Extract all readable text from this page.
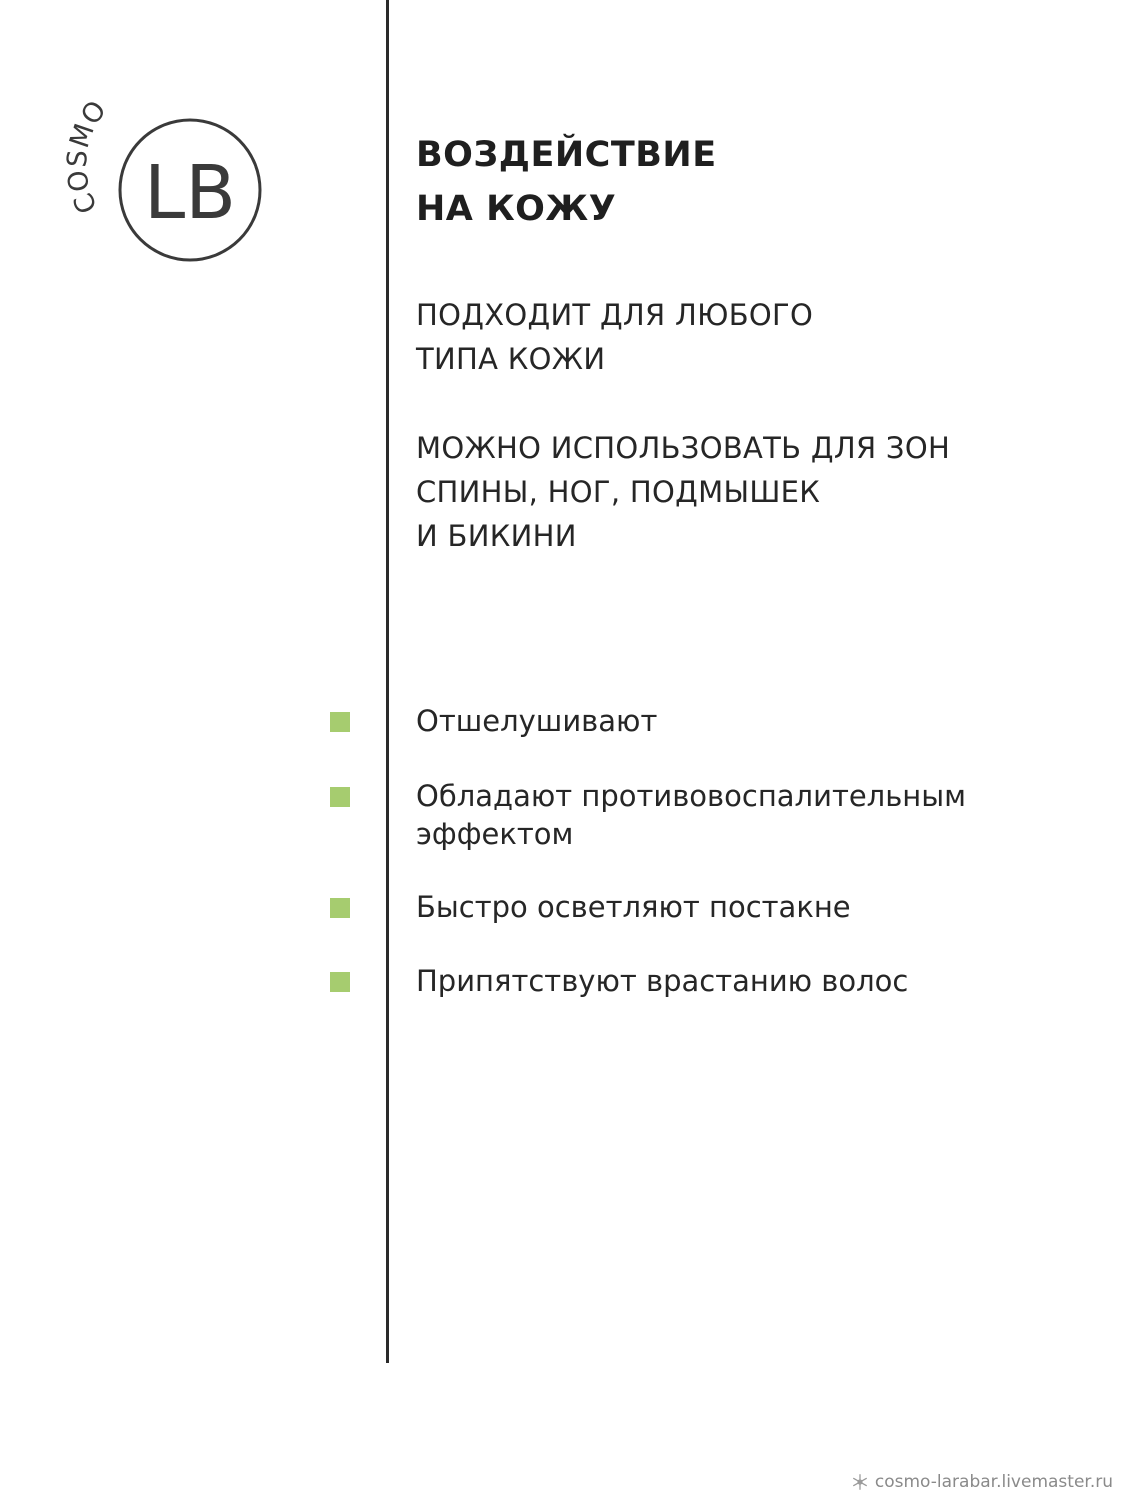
COSMO
LB	ВОЗДЕЙСТВИЕ
НА КОЖУ

ПОДХОДИТ ДЛЯ ЛЮБОГО
ТИПА КОЖИ

МОЖНО ИСПОЛЬЗОВАТЬ ДЛЯ ЗОН
СПИНЫ, НОГ, ПОДМЫШЕК
И БИКИНИ

Отшелушивают

Обладают противовоспалительным
эффектом

Быстро осветляют постакне

Припятствуют врастанию волос

cosmo-larabar.livemaster.ru
